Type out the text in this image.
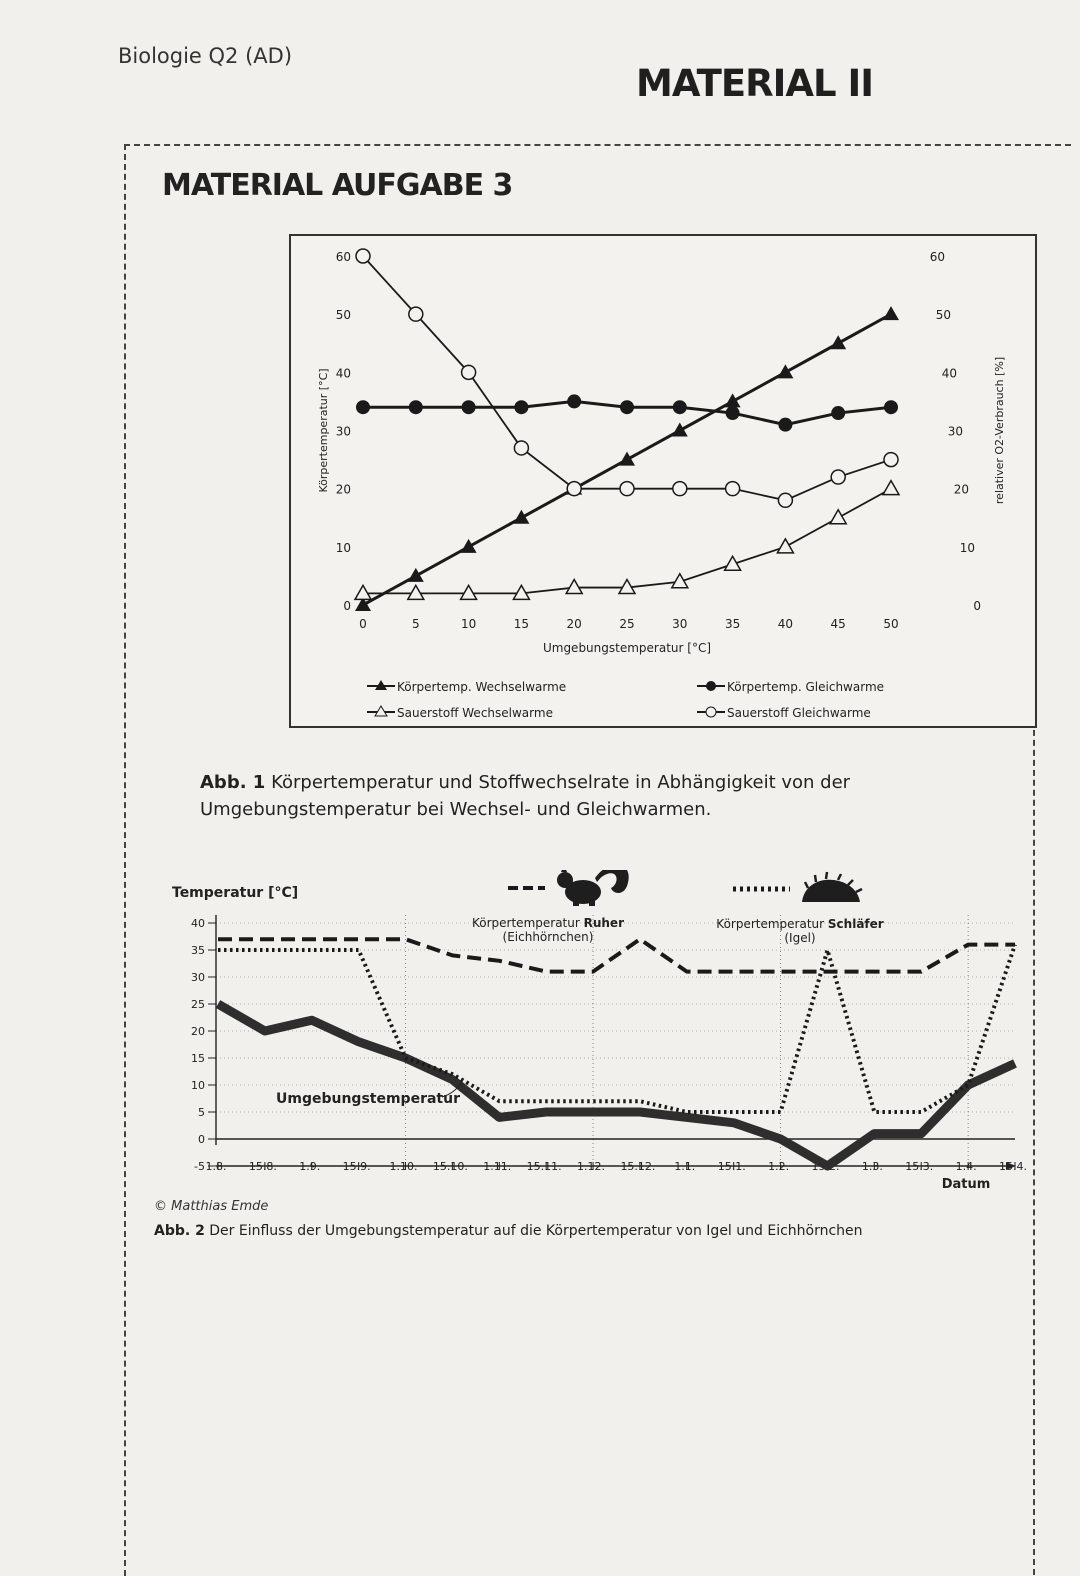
Biologie Q2 (AD)
MATERIAL II
MATERIAL AUFGABE 3
0	5	10	15	20	25	30	35	40	45	50
0
10
20
30
40
50
60
0
10
20
30
40
50
60
Umgebungstemperatur [°C]
Körpertemperatur [°C]	relativer O2-Verbrauch [%]
Körpertemp. Wechselwarme
Sauerstoff Wechselwarme
Körpertemp. Gleichwarme
Sauerstoff Gleichwarme
Abb. 1 Körpertemperatur und Stoffwechselrate in Abhängigkeit von der Umgebungstemperatur bei Wechsel- und Gleichwarmen.
Temperatur [°C]
40
35
30
25
20
15
10
5
0
-5 1.8. 15.8. 1.9. 15.9. 1.10. 15.10. 1.11. 15.11. 1.12. 15.12. 1.1. 15.1. 1.2. 15.2. 1.3. 15.3. 1.4. 15.4.
Datum
Körpertemperatur Ruher
(Eichhörnchen)
Körpertemperatur Schläfer
(Igel)
Umgebungstemperatur
© Matthias Emde
Abb. 2 Der Einfluss der Umgebungstemperatur auf die Körpertemperatur von Igel und Eichhörnchen
